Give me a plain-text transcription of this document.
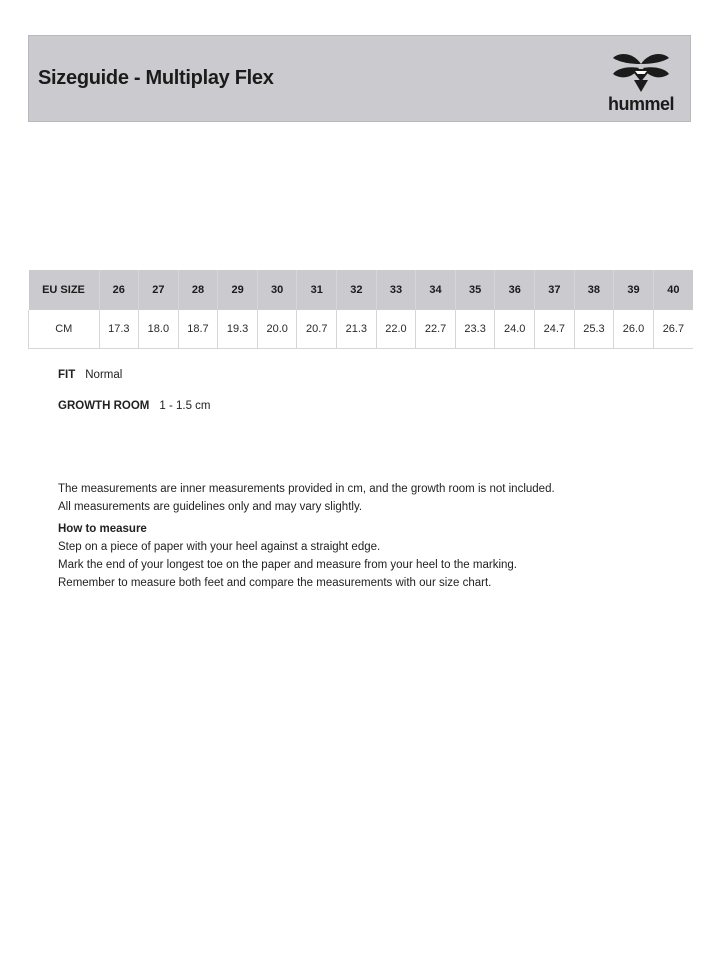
Sizeguide - Multiplay Flex
hummel
EU SIZE	26	27	28	29	30	31	32	33	34	35	36	37	38	39	40
CM	17.3	18.0	18.7	19.3	20.0	20.7	21.3	22.0	22.7	23.3	24.0	24.7	25.3	26.0	26.7
FIT Normal
GROWTH ROOM 1 - 1.5 cm

The measurements are inner measurements provided in cm, and the growth room is not included.

All measurements are guidelines only and may vary slightly.

How to measure

Step on a piece of paper with your heel against a straight edge.

Mark the end of your longest toe on the paper and measure from your heel to the marking.

Remember to measure both feet and compare the measurements with our size chart.
